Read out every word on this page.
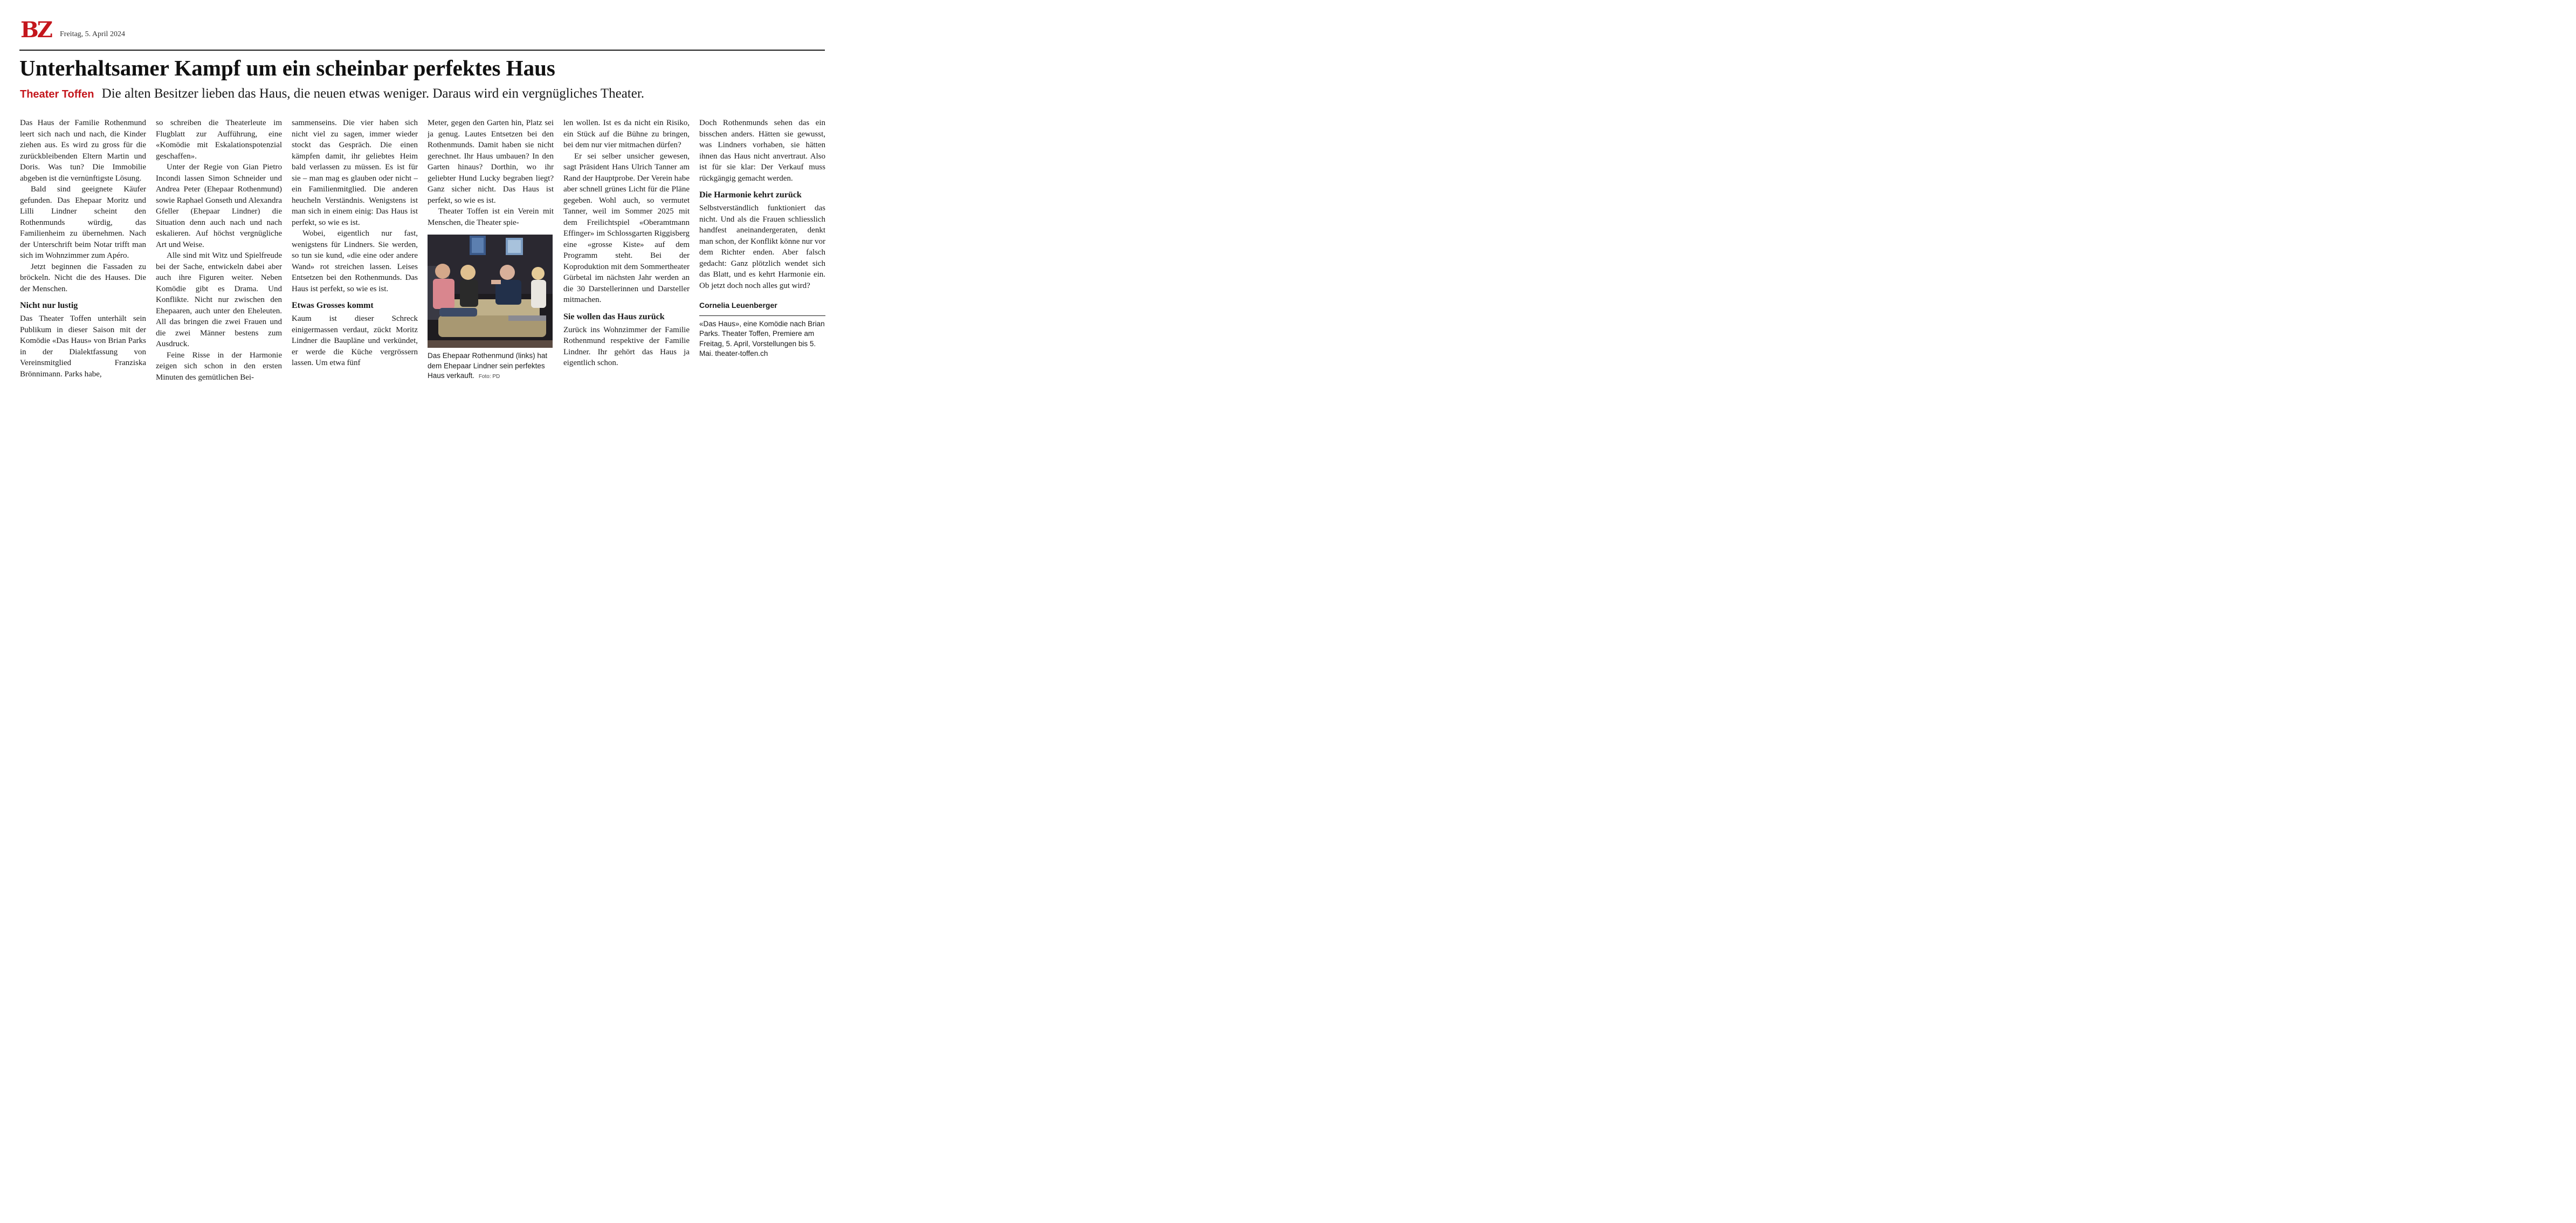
BZ Freitag, 5. April 2024
Unterhaltsamer Kampf um ein scheinbar perfektes Haus
Theater Toffen Die alten Besitzer lieben das Haus, die neuen etwas weniger. Daraus wird ein vergnügliches Theater.

Das Haus der Familie Rothenmund leert sich nach und nach, die Kinder ziehen aus. Es wird zu gross für die zurückbleibenden Eltern Martin und Doris. Was tun? Die Immobilie abgeben ist die vernünftigste Lösung.

Bald sind geeignete Käufer gefunden. Das Ehepaar Moritz und Lilli Lindner scheint den Rothenmunds würdig, das Familienheim zu übernehmen. Nach der Unterschrift beim Notar trifft man sich im Wohnzimmer zum Apéro.

Jetzt beginnen die Fassaden zu bröckeln. Nicht die des Hauses. Die der Menschen.

Nicht nur lustig

Das Theater Toffen unterhält sein Publikum in dieser Saison mit der Komödie «Das Haus» von Brian Parks in der Dialektfassung von Vereinsmitglied Franziska Brönnimann. Parks habe,

so schreiben die Theaterleute im Flugblatt zur Aufführung, eine «Komödie mit Eskalationspotenzial geschaffen».

Unter der Regie von Gian Pietro Incondi lassen Simon Schneider und Andrea Peter (Ehepaar Rothenmund) sowie Raphael Gonseth und Alexandra Gfeller (Ehepaar Lindner) die Situation denn auch nach und nach eskalieren. Auf höchst vergnügliche Art und Weise.

Alle sind mit Witz und Spielfreude bei der Sache, entwickeln dabei aber auch ihre Figuren weiter. Neben Komödie gibt es Drama. Und Konflikte. Nicht nur zwischen den Ehepaaren, auch unter den Eheleuten. All das bringen die zwei Frauen und die zwei Männer bestens zum Ausdruck.

Feine Risse in der Harmonie zeigen sich schon in den ersten Minuten des gemütlichen Bei-

sammenseins. Die vier haben sich nicht viel zu sagen, immer wieder stockt das Gespräch. Die einen kämpfen damit, ihr geliebtes Heim bald verlassen zu müssen. Es ist für sie – man mag es glauben oder nicht – ein Familienmitglied. Die anderen heucheln Verständnis. Wenigstens ist man sich in einem einig: Das Haus ist perfekt, so wie es ist.

Wobei, eigentlich nur fast, wenigstens für Lindners. Sie werden, so tun sie kund, «die eine oder andere Wand» rot streichen lassen. Leises Entsetzen bei den Rothenmunds. Das Haus ist perfekt, so wie es ist.

Etwas Grosses kommt

Kaum ist dieser Schreck einigermassen verdaut, zückt Moritz Lindner die Baupläne und verkündet, er werde die Küche vergrössern lassen. Um etwa fünf

Meter, gegen den Garten hin, Platz sei ja genug. Lautes Entsetzen bei den Rothenmunds. Damit haben sie nicht gerechnet. Ihr Haus umbauen? In den Garten hinaus? Dorthin, wo ihr geliebter Hund Lucky begraben liegt? Ganz sicher nicht. Das Haus ist perfekt, so wie es ist.

Theater Toffen ist ein Verein mit Menschen, die Theater spie-

Das Ehepaar Rothenmund (links) hat dem Ehepaar Lindner sein perfektes Haus verkauft. Foto: PD

len wollen. Ist es da nicht ein Risiko, ein Stück auf die Bühne zu bringen, bei dem nur vier mitmachen dürfen?

Er sei selber unsicher gewesen, sagt Präsident Hans Ulrich Tanner am Rand der Hauptprobe. Der Verein habe aber schnell grünes Licht für die Pläne gegeben. Wohl auch, so vermutet Tanner, weil im Sommer 2025 mit dem Freilichtspiel «Oberamtmann Effinger» im Schlossgarten Riggisberg eine «grosse Kiste» auf dem Programm steht. Bei der Koproduktion mit dem Sommertheater Gürbetal im nächsten Jahr werden an die 30 Darstellerinnen und Darsteller mitmachen.

Sie wollen das Haus zurück

Zurück ins Wohnzimmer der Familie Rothenmund respektive der Familie Lindner. Ihr gehört das Haus ja eigentlich schon.

Doch Rothenmunds sehen das ein bisschen anders. Hätten sie gewusst, was Lindners vorhaben, sie hätten ihnen das Haus nicht anvertraut. Also ist für sie klar: Der Verkauf muss rückgängig gemacht werden.

Die Harmonie kehrt zurück

Selbstverständlich funktioniert das nicht. Und als die Frauen schliesslich handfest aneinandergeraten, denkt man schon, der Konflikt könne nur vor dem Richter enden. Aber falsch gedacht: Ganz plötzlich wendet sich das Blatt, und es kehrt Harmonie ein. Ob jetzt doch noch alles gut wird?

Cornelia Leuenberger
«Das Haus», eine Komödie nach Brian Parks. Theater Toffen, Premiere am Freitag, 5. April, Vorstellungen bis 5. Mai. theater-toffen.ch
